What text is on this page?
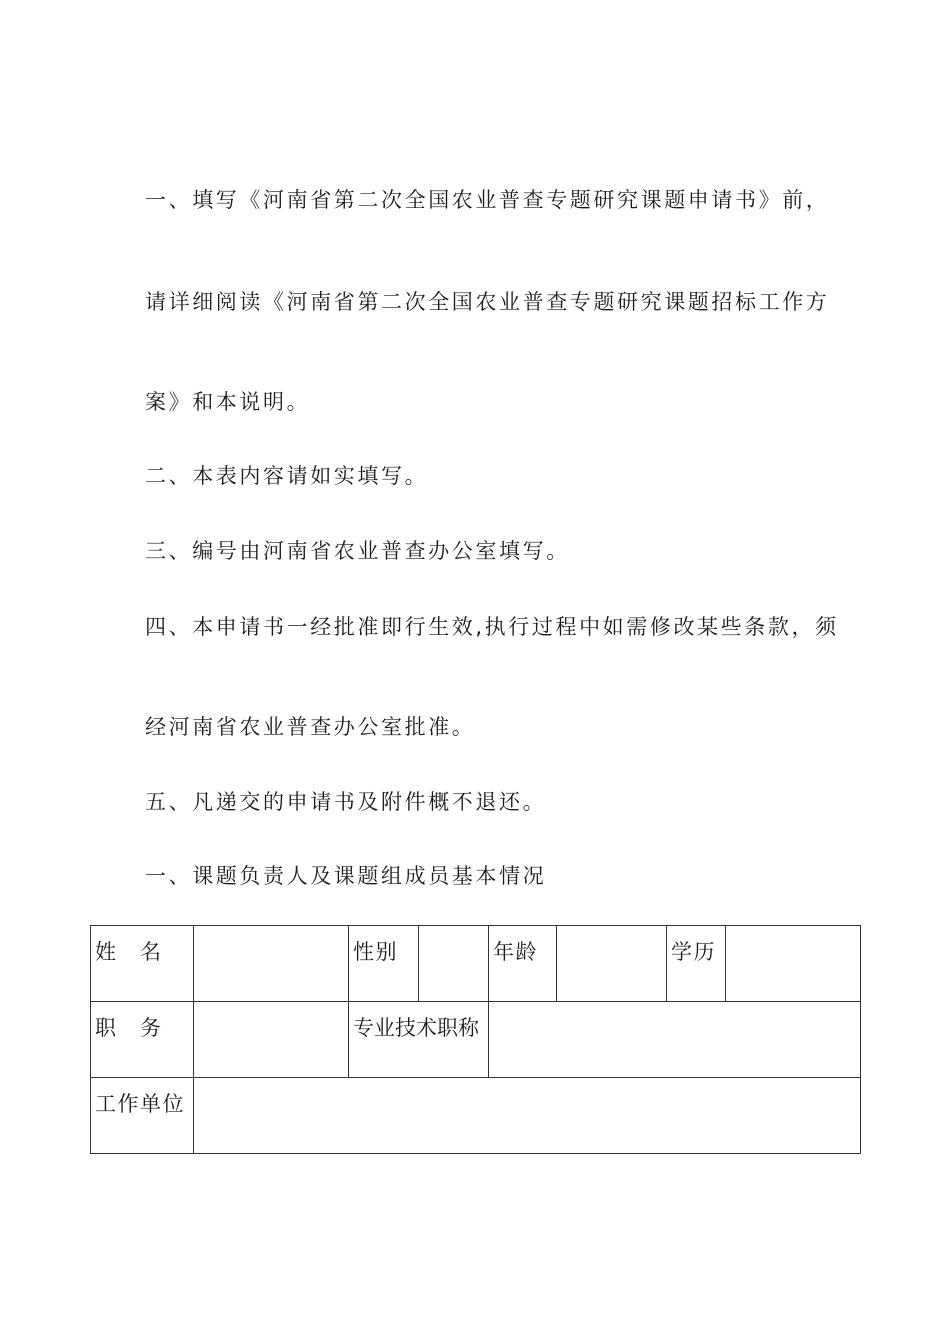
一、填写《河南省第二次全国农业普查专题研究课题申请书》前，
请详细阅读《河南省第二次全国农业普查专题研究课题招标工作方
案》和本说明。
二、本表内容请如实填写。
三、编号由河南省农业普查办公室填写。
四、本申请书一经批准即行生效,执行过程中如需修改某些条款，须
经河南省农业普查办公室批准。
五、凡递交的申请书及附件概不退还。
一、课题负责人及课题组成员基本情况
姓　名		性别		年龄		学历	
职　务		专业技术职称					
工作单位							
